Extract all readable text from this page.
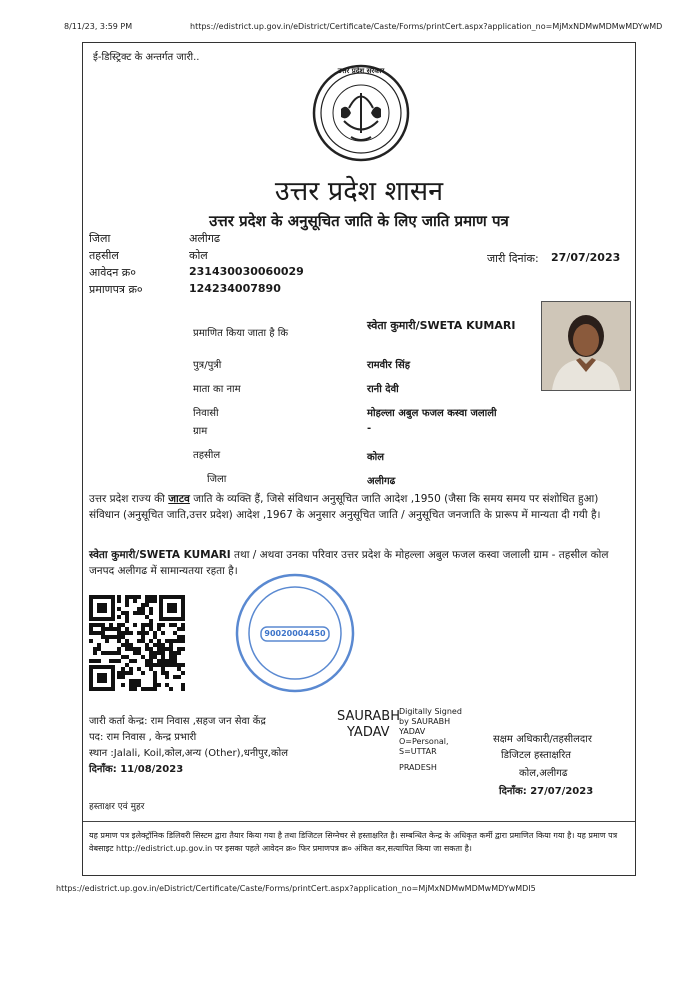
8/11/23, 3:59 PM	https://edistrict.up.gov.in/eDistrict/Certificate/Caste/Forms/printCert.aspx?application_no=MjMxNDMwMDMwMDYwMD
ई-डिस्ट्रिक्ट के अन्तर्गत जारी..
उत्तर प्रदेश सरकार
उत्तर प्रदेश शासन
उत्तर प्रदेश के अनुसूचित जाति के लिए जाति प्रमाण पत्र
जिला	अलीगढ
तहसील	कोल
आवेदन क्र०	231430030060029
प्रमाणपत्र क्र०	124234007890
जारी दिनांक: 27/07/2023
प्रमाणित किया जाता है कि
स्वेता कुमारी/SWETA KUMARI
पुत्र/पुत्री	रामवीर सिंह
माता का नाम	रानी देवी
निवासी	मोहल्ला अबुल फजल कस्वा जलाली
ग्राम	-
तहसील	कोल
जिला	अलीगढ
उत्तर प्रदेश राज्य की जाटव जाति के व्यक्ति हैं, जिसे संविधान अनुसूचित जाति आदेश ,1950 (जैसा कि समय समय पर संशोधित हुआ) संविधान (अनुसूचित जाति,उत्तर प्रदेश) आदेश ,1967 के अनुसार अनुसूचित जाति / अनुसूचित जनजाति के प्रारूप में मान्यता दी गयी है।
स्वेता कुमारी/SWETA KUMARI तथा / अथवा उनका परिवार उत्तर प्रदेश के मोहल्ला अबुल फजल कस्वा जलाली ग्राम - तहसील कोल जनपद अलीगढ में सामान्यतया रहता है।
90020004450
जारी कर्ता केन्द्र: राम निवास ,सहज जन सेवा केंद्र
पद: राम निवास , केन्द्र प्रभारी
स्थान :Jalali, Koil,कोल,अन्य (Other),धनीपुर,कोल
दिनाँक: 11/08/2023
SAURABH
YADAV
Digitally Signed
by SAURABH
YADAV
O=Personal,
S=UTTAR
PRADESH
सक्षम अधिकारी/तहसीलदार
डिजिटल हस्ताक्षरित
कोल,अलीगढ
दिनाँक: 27/07/2023
हस्ताक्षर एवं मुहर
यह प्रमाण पत्र इलेक्ट्रॉनिक डिलिवरी सिस्टम द्वारा तैयार किया गया है तथा डिजिटल सिग्नेचर से हस्ताक्षरित है। सम्बन्धित केन्द्र के अधिकृत कर्मी द्वारा प्रमाणित किया गया है। यह प्रमाण पत्र वेबसाइट http://edistrict.up.gov.in पर इसका पहले आवेदन क्र० फिर प्रमाणपत्र क्र० अंकित कर,सत्यापित किया जा सकता है।
https://edistrict.up.gov.in/eDistrict/Certificate/Caste/Forms/printCert.aspx?application_no=MjMxNDMwMDMwMDYwMDI5
